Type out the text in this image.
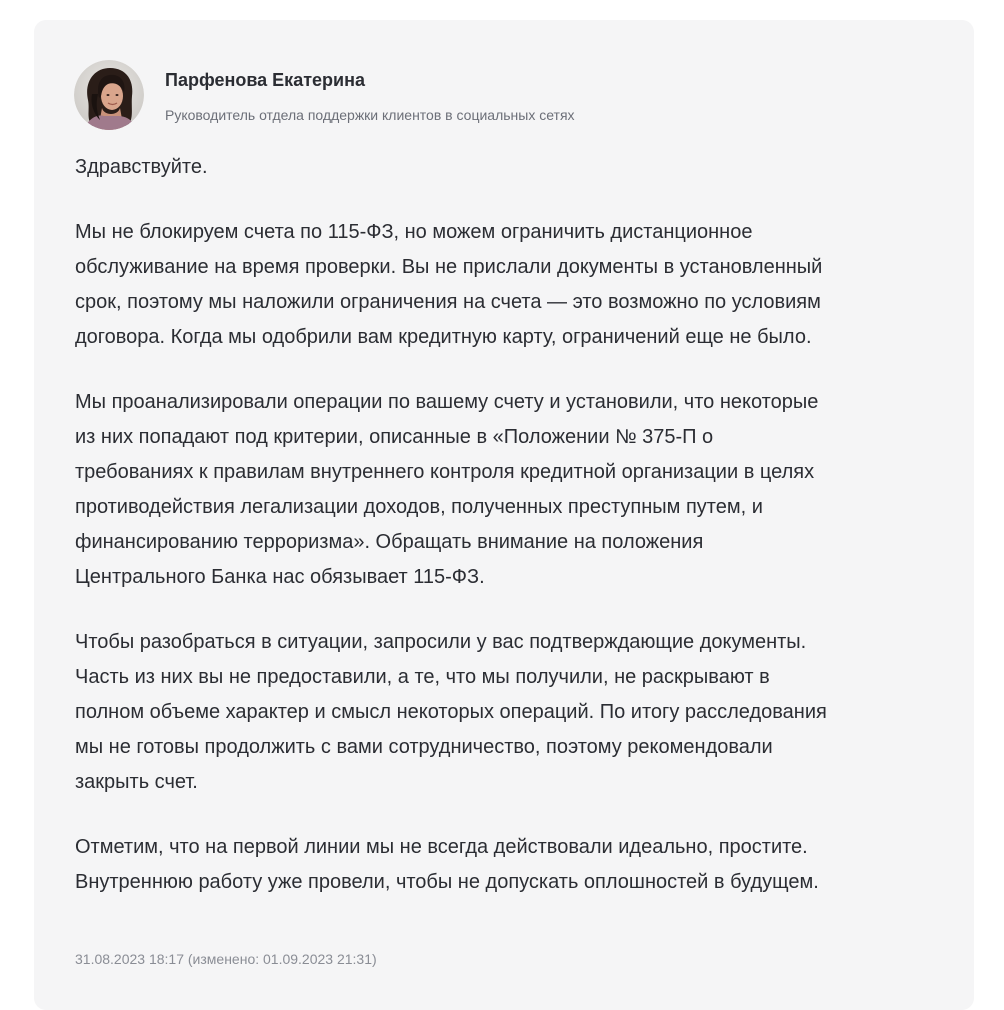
Парфенова Екатерина
Руководитель отдела поддержки клиентов в социальных сетях

Здравствуйте.

Мы не блокируем счета по 115-ФЗ, но можем ограничить дистанционное
обслуживание на время проверки. Вы не прислали документы в установленный
срок, поэтому мы наложили ограничения на счета — это возможно по условиям
договора. Когда мы одобрили вам кредитную карту, ограничений еще не было.

Мы проанализировали операции по вашему счету и установили, что некоторые
из них попадают под критерии, описанные в «Положении № 375-П о
требованиях к правилам внутреннего контроля кредитной организации в целях
противодействия легализации доходов, полученных преступным путем, и
финансированию терроризма». Обращать внимание на положения
Центрального Банка нас обязывает 115-ФЗ.

Чтобы разобраться в ситуации, запросили у вас подтверждающие документы.
Часть из них вы не предоставили, а те, что мы получили, не раскрывают в
полном объеме характер и смысл некоторых операций. По итогу расследования
мы не готовы продолжить с вами сотрудничество, поэтому рекомендовали
закрыть счет.

Отметим, что на первой линии мы не всегда действовали идеально, простите.
Внутреннюю работу уже провели, чтобы не допускать оплошностей в будущем.

31.08.2023 18:17 (изменено: 01.09.2023 21:31)
